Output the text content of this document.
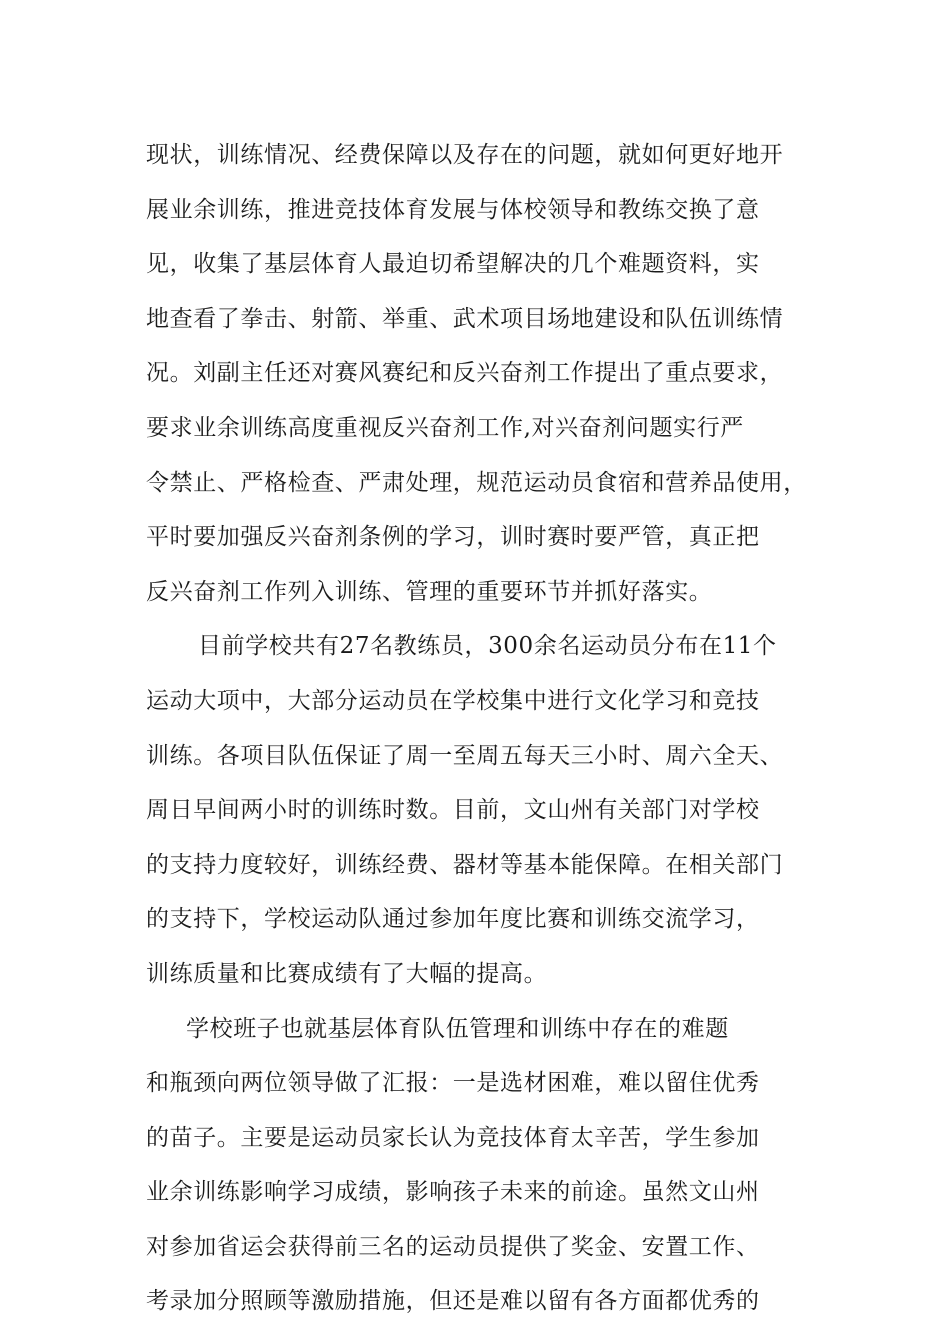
现状，训练情况、经费保障以及存在的问题，就如何更好地开
展业余训练，推进竞技体育发展与体校领导和教练交换了意
见，收集了基层体育人最迫切希望解决的几个难题资料，实
地查看了拳击、射箭、举重、武术项目场地建设和队伍训练情
况。刘副主任还对赛风赛纪和反兴奋剂工作提出了重点要求，
要求业余训练高度重视反兴奋剂工作,对兴奋剂问题实行严
令禁止、严格检查、严肃处理，规范运动员食宿和营养品使用，
平时要加强反兴奋剂条例的学习，训时赛时要严管，真正把
反兴奋剂工作列入训练、管理的重要环节并抓好落实。
目前学校共有27名教练员，300余名运动员分布在11个
运动大项中，大部分运动员在学校集中进行文化学习和竞技
训练。各项目队伍保证了周一至周五每天三小时、周六全天、
周日早间两小时的训练时数。目前，文山州有关部门对学校
的支持力度较好，训练经费、器材等基本能保障。在相关部门
的支持下，学校运动队通过参加年度比赛和训练交流学习，
训练质量和比赛成绩有了大幅的提高。
学校班子也就基层体育队伍管理和训练中存在的难题
和瓶颈向两位领导做了汇报：一是选材困难，难以留住优秀
的苗子。主要是运动员家长认为竞技体育太辛苦，学生参加
业余训练影响学习成绩，影响孩子未来的前途。虽然文山州
对参加省运会获得前三名的运动员提供了奖金、安置工作、
考录加分照顾等激励措施，但还是难以留有各方面都优秀的
